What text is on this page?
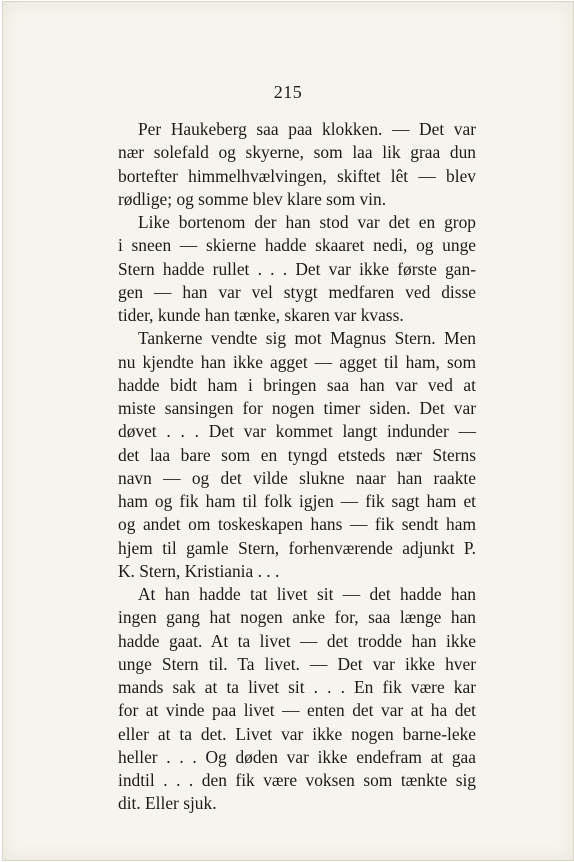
215
Per Haukeberg saa paa klokken. — Det var
nær solefald og skyerne, som laa lik graa dun
bortefter himmelhvælvingen, skiftet lêt — blev
rødlige; og somme blev klare som vin.
Like bortenom der han stod var det en grop
i sneen — skierne hadde skaaret nedi, og unge
Stern hadde rullet . . . Det var ikke første gan-
gen — han var vel stygt medfaren ved disse
tider, kunde han tænke, skaren var kvass.
Tankerne vendte sig mot Magnus Stern. Men
nu kjendte han ikke agget — agget til ham, som
hadde bidt ham i bringen saa han var ved at
miste sansingen for nogen timer siden. Det var
døvet . . . Det var kommet langt indunder —
det laa bare som en tyngd etsteds nær Sterns
navn — og det vilde slukne naar han raakte
ham og fik ham til folk igjen — fik sagt ham et
og andet om toskeskapen hans — fik sendt ham
hjem til gamle Stern, forhenværende adjunkt P.
K. Stern, Kristiania . . .
At han hadde tat livet sit — det hadde han
ingen gang hat nogen anke for, saa længe han
hadde gaat. At ta livet — det trodde han ikke
unge Stern til. Ta livet. — Det var ikke hver
mands sak at ta livet sit . . . En fik være kar
for at vinde paa livet — enten det var at ha det
eller at ta det. Livet var ikke nogen barne-leke
heller . . . Og døden var ikke endefram at gaa
indtil . . . den fik være voksen som tænkte sig
dit. Eller sjuk.
